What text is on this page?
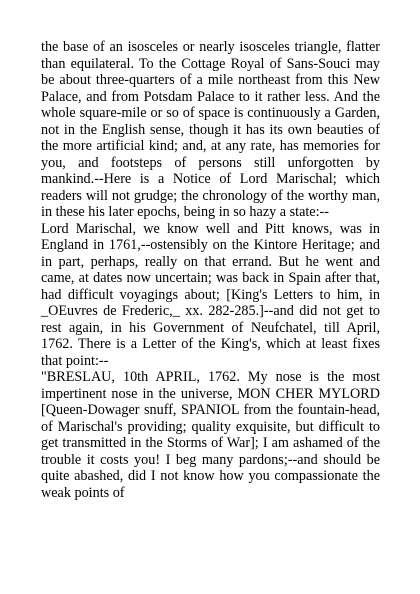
the base of an isosceles or nearly isosceles triangle, flatter than equilateral. To the Cottage Royal of Sans-Souci may be about three-quarters of a mile northeast from this New Palace, and from Potsdam Palace to it rather less. And the whole square-mile or so of space is continuously a Garden, not in the English sense, though it has its own beauties of the more artificial kind; and, at any rate, has memories for you, and footsteps of persons still unforgotten by mankind.--Here is a Notice of Lord Marischal; which readers will not grudge; the chronology of the worthy man, in these his later epochs, being in so hazy a state:--

Lord Marischal, we know well and Pitt knows, was in England in 1761,--ostensibly on the Kintore Heritage; and in part, perhaps, really on that errand. But he went and came, at dates now uncertain; was back in Spain after that, had difficult voyagings about; [King's Letters to him, in _OEuvres de Frederic,_ xx. 282-285.]--and did not get to rest again, in his Government of Neufchatel, till April, 1762. There is a Letter of the King's, which at least fixes that point:--

"BRESLAU, 10th APRIL, 1762. My nose is the most impertinent nose in the universe, MON CHER MYLORD [Queen-Dowager snuff, SPANIOL from the fountain-head, of Marischal's providing; quality exquisite, but difficult to get transmitted in the Storms of War]; I am ashamed of the trouble it costs you! I beg many pardons;--and should be quite abashed, did I not know how you compassionate the weak points of
